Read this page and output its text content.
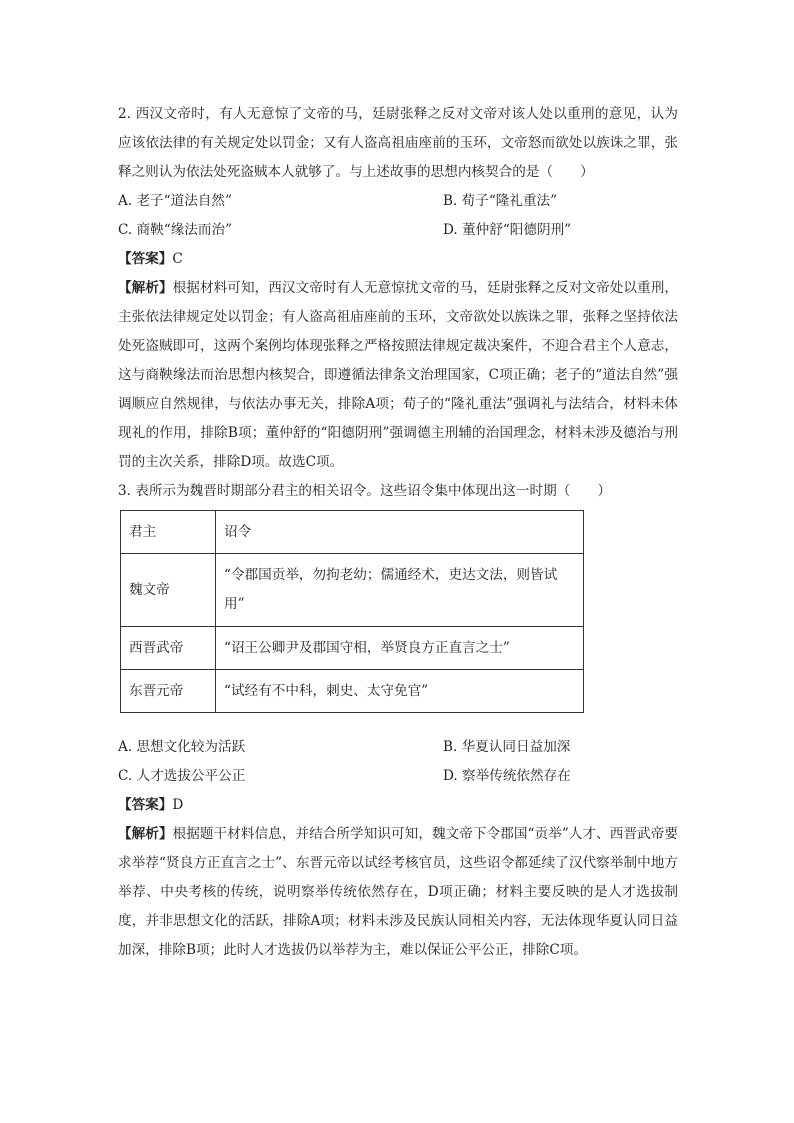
2. 西汉文帝时，有人无意惊了文帝的马，廷尉张释之反对文帝对该人处以重刑的意见，认为应该依法律的有关规定处以罚金；又有人盗高祖庙座前的玉环，文帝怒而欲处以族诛之罪，张释之则认为依法处死盗贼本人就够了。与上述故事的思想内核契合的是（　　）

A. 老子“道法自然”	B. 荀子“隆礼重法”
C. 商鞅“缘法而治”	D. 董仲舒“阳德阴刑”

【答案】C

【解析】根据材料可知，西汉文帝时有人无意惊扰文帝的马，廷尉张释之反对文帝处以重刑，主张依法律规定处以罚金；有人盗高祖庙座前的玉环，文帝欲处以族诛之罪，张释之坚持依法处死盗贼即可，这两个案例均体现张释之严格按照法律规定裁决案件，不迎合君主个人意志，这与商鞅缘法而治思想内核契合，即遵循法律条文治理国家，C项正确；老子的“道法自然”强调顺应自然规律，与依法办事无关，排除A项；荀子的“隆礼重法”强调礼与法结合，材料未体现礼的作用，排除B项；董仲舒的“阳德阴刑”强调德主刑辅的治国理念，材料未涉及德治与刑罚的主次关系，排除D项。故选C项。

3. 表所示为魏晋时期部分君主的相关诏令。这些诏令集中体现出这一时期（　　）

君主	诏令
魏文帝	“令郡国贡举，勿拘老幼；儒通经术，吏达文法，则皆试用”
西晋武帝	“诏王公卿尹及郡国守相，举贤良方正直言之士”
东晋元帝	“试经有不中科，刺史、太守免官”
A. 思想文化较为活跃	B. 华夏认同日益加深
C. 人才选拔公平公正	D. 察举传统依然存在

【答案】D

【解析】根据题干材料信息，并结合所学知识可知，魏文帝下令郡国“贡举”人才、西晋武帝要求举荐“贤良方正直言之士”、东晋元帝以试经考核官员，这些诏令都延续了汉代察举制中地方举荐、中央考核的传统，说明察举传统依然存在，D项正确；材料主要反映的是人才选拔制度，并非思想文化的活跃，排除A项；材料未涉及民族认同相关内容，无法体现华夏认同日益加深，排除B项；此时人才选拔仍以举荐为主，难以保证公平公正，排除C项。
